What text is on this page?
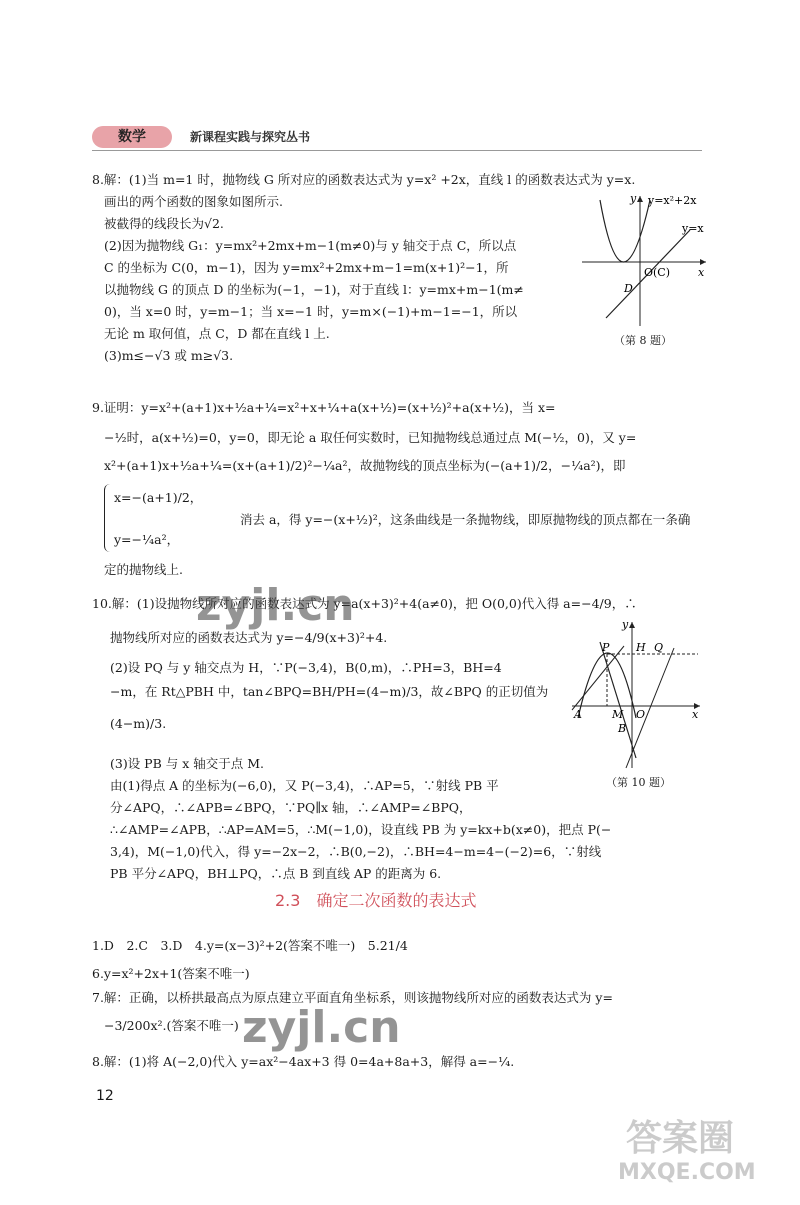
数学	新课程实践与探究丛书
8.解：(1)当 m=1 时，抛物线 G 所对应的函数表达式为 y=x² +2x，直线 l 的函数表达式为 y=x.
画出的两个函数的图象如图所示.
被截得的线段长为√2.
(2)因为抛物线 G₁：y=mx²+2mx+m−1(m≠0)与 y 轴交于点 C，所以点
C 的坐标为 C(0，m−1)，因为 y=mx²+2mx+m−1=m(x+1)²−1，所
以抛物线 G 的顶点 D 的坐标为(−1，−1)，对于直线 l：y=mx+m−1(m≠
0)，当 x=0 时，y=m−1；当 x=−1 时，y=m×(−1)+m−1=−1，所以
无论 m 取何值，点 C，D 都在直线 l 上.
(3)m≤−√3 或 m≥√3.
y=x²+2x
y=x
y
x
O(C)
D
（第 8 题）
9.证明：y=x²+(a+1)x+½a+¼=x²+x+¼+a(x+½)=(x+½)²+a(x+½)，当 x=
−½时，a(x+½)=0，y=0，即无论 a 取任何实数时，已知抛物线总通过点 M(−½，0)，又 y=
x²+(a+1)x+½a+¼=(x+(a+1)/2)²−¼a²，故抛物线的顶点坐标为(−(a+1)/2，−¼a²)，即
x=−(a+1)/2，
消去 a，得 y=−(x+½)²，这条曲线是一条抛物线，即原抛物线的顶点都在一条确
y=−¼a²，
定的抛物线上.
10.解：(1)设抛物线所对应的函数表达式为 y=a(x+3)²+4(a≠0)，把 O(0,0)代入得 a=−4/9，∴
抛物线所对应的函数表达式为 y=−4/9(x+3)²+4.
(2)设 PQ 与 y 轴交点为 H，∵P(−3,4)，B(0,m)，∴PH=3，BH=4
−m，在 Rt△PBH 中，tan∠BPQ=BH/PH=(4−m)/3，故∠BPQ 的正切值为
(4−m)/3.
(3)设 PB 与 x 轴交于点 M.
由(1)得点 A 的坐标为(−6,0)，又 P(−3,4)，∴AP=5，∵射线 PB 平
分∠APQ，∴∠APB=∠BPQ，∵PQ∥x 轴，∴∠AMP=∠BPQ，
∴∠AMP=∠APB，∴AP=AM=5，∴M(−1,0)，设直线 PB 为 y=kx+b(x≠0)，把点 P(−
3,4)，M(−1,0)代入，得 y=−2x−2，∴B(0,−2)，∴BH=4−m=4−(−2)=6，∵射线
PB 平分∠APQ，BH⊥PQ，∴点 B 到直线 AP 的距离为 6.
y
x
P H Q
A	M O
B
（第 10 题）
2.3　确定二次函数的表达式
1.D　2.C　3.D　4.y=(x−3)²+2(答案不唯一)　5.21/4
6.y=x²+2x+1(答案不唯一)
7.解：正确，以桥拱最高点为原点建立平面直角坐标系，则该抛物线所对应的函数表达式为 y=
−3/200x².(答案不唯一)
8.解：(1)将 A(−2,0)代入 y=ax²−4ax+3 得 0=4a+8a+3，解得 a=−¼.
12
zyjl.cn
zyjl.cn
答案圈
MXQE.COM
